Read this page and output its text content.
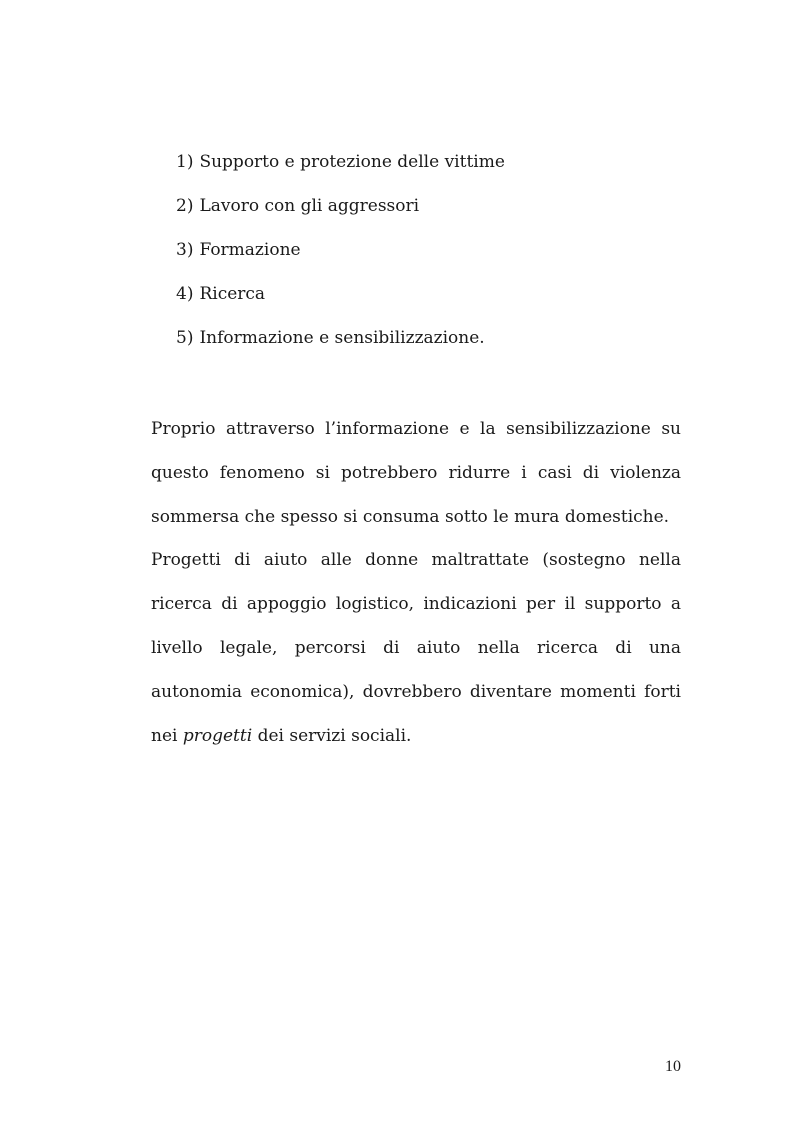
1) Supporto e protezione delle vittime
2) Lavoro con gli aggressori
3) Formazione
4) Ricerca
5) Informazione e sensibilizzazione.

Proprio attraverso l’informazione e la sensibilizzazione su questo fenomeno si potrebbero ridurre i casi di violenza sommersa che spesso si consuma sotto le mura domestiche.

Progetti di aiuto alle donne maltrattate (sostegno nella ricerca di appoggio logistico, indicazioni per il supporto a livello legale, percorsi di aiuto nella ricerca di una autonomia economica), dovrebbero diventare momenti forti nei progetti dei servizi sociali.

10
